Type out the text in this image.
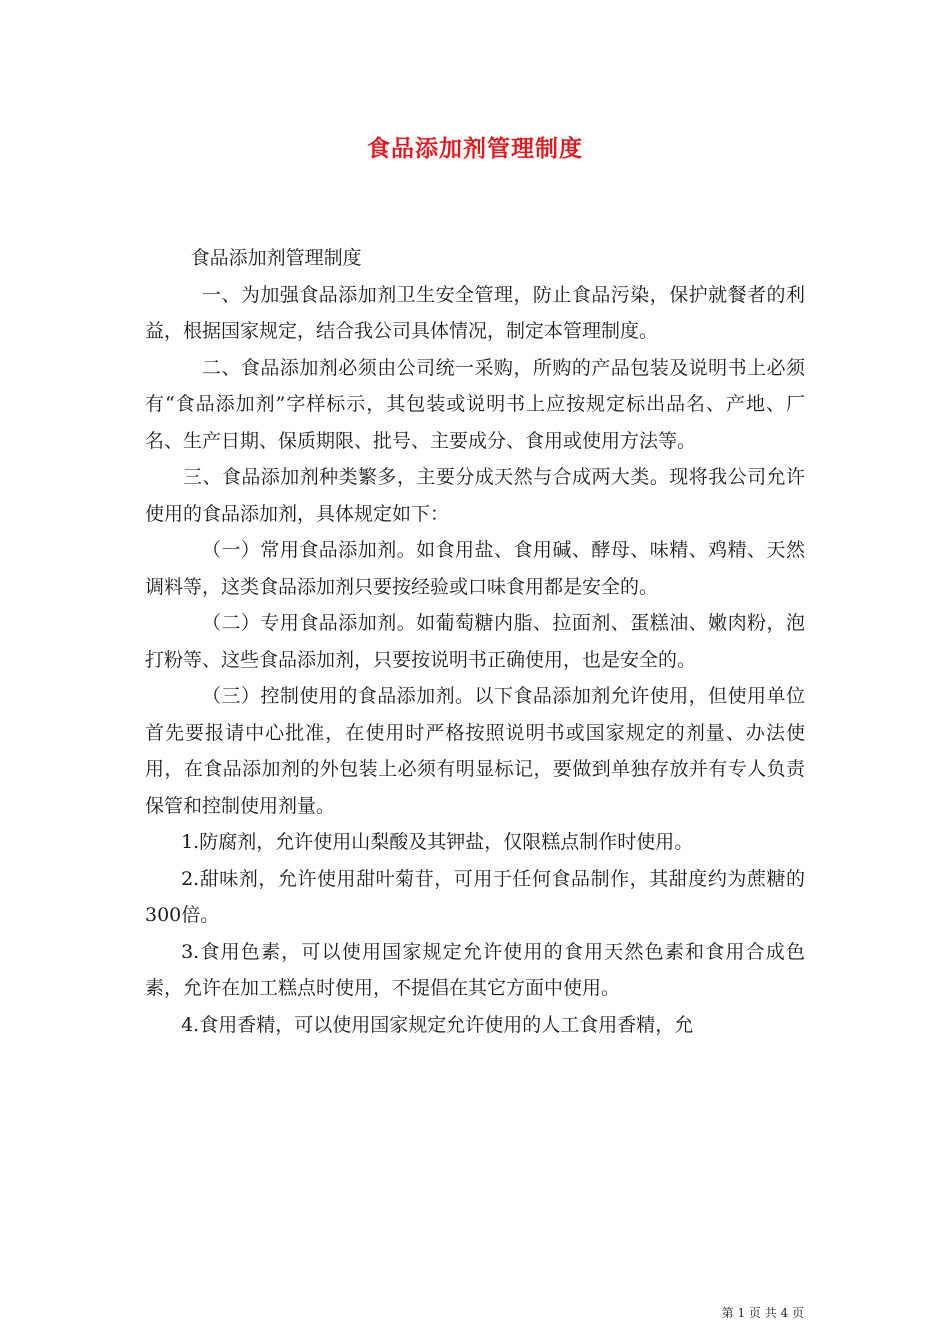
食品添加剂管理制度

食品添加剂管理制度

一、为加强食品添加剂卫生安全管理，防止食品污染，保护就餐者的利益，根据国家规定，结合我公司具体情况，制定本管理制度。

二、食品添加剂必须由公司统一采购，所购的产品包装及说明书上必须有“食品添加剂”字样标示，其包装或说明书上应按规定标出品名、产地、厂名、生产日期、保质期限、批号、主要成分、食用或使用方法等。

三、食品添加剂种类繁多，主要分成天然与合成两大类。现将我公司允许使用的食品添加剂，具体规定如下：

（一）常用食品添加剂。如食用盐、食用碱、酵母、味精、鸡精、天然调料等，这类食品添加剂只要按经验或口味食用都是安全的。

（二）专用食品添加剂。如葡萄糖内脂、拉面剂、蛋糕油、嫩肉粉，泡打粉等、这些食品添加剂，只要按说明书正确使用，也是安全的。

（三）控制使用的食品添加剂。以下食品添加剂允许使用，但使用单位首先要报请中心批准，在使用时严格按照说明书或国家规定的剂量、办法使用，在食品添加剂的外包装上必须有明显标记，要做到单独存放并有专人负责保管和控制使用剂量。

1.防腐剂，允许使用山梨酸及其钾盐，仅限糕点制作时使用。

2.甜味剂，允许使用甜叶菊苷，可用于任何食品制作，其甜度约为蔗糖的300倍。

3.食用色素，可以使用国家规定允许使用的食用天然色素和食用合成色素，允许在加工糕点时使用，不提倡在其它方面中使用。

4.食用香精，可以使用国家规定允许使用的人工食用香精，允

第 1 页 共 4 页
